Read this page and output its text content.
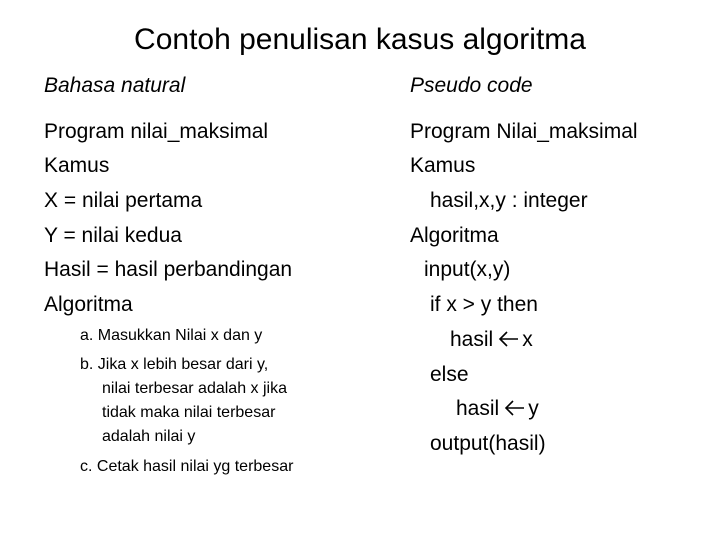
Contoh penulisan kasus algoritma
Bahasa natural	Pseudo code
Program nilai_maksimal
Kamus
X = nilai pertama
Y = nilai kedua
Hasil = hasil perbandingan
Algoritma
a. Masukkan Nilai x dan y
b. Jika x lebih besar dari y,
nilai terbesar adalah x jika
tidak maka nilai terbesar
adalah nilai y
c. Cetak hasil nilai yg terbesar
Program Nilai_maksimal
Kamus
hasil,x,y : integer
Algoritma
input(x,y)
if x > y then
hasil x
else
hasil y
output(hasil)
